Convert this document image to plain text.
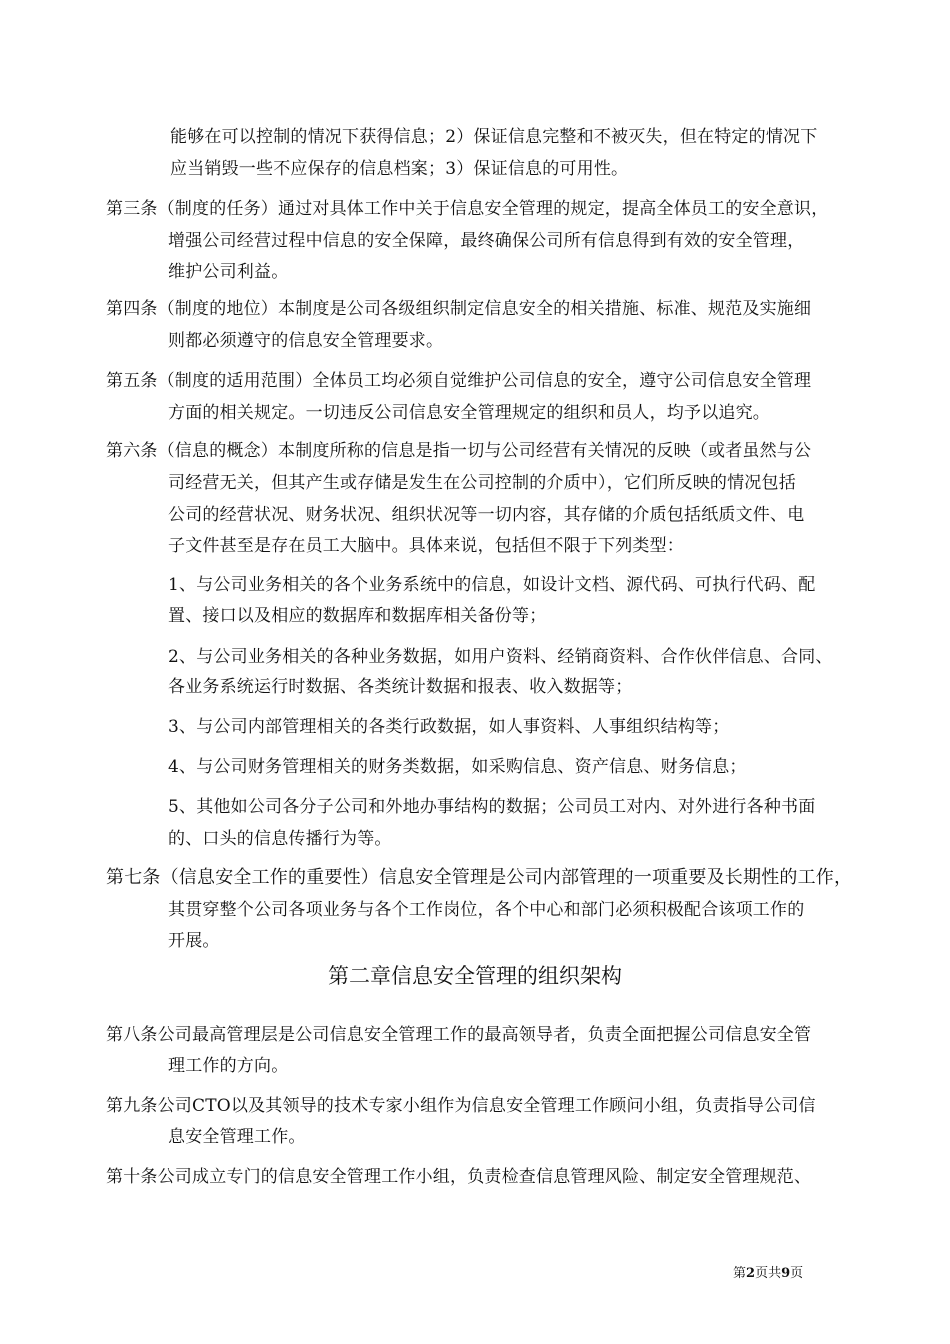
能够在可以控制的情况下获得信息；2）保证信息完整和不被灭失，但在特定的情况下
应当销毁一些不应保存的信息档案；3）保证信息的可用性。
第三条（制度的任务）通过对具体工作中关于信息安全管理的规定，提高全体员工的安全意识，
增强公司经营过程中信息的安全保障，最终确保公司所有信息得到有效的安全管理，
维护公司利益。
第四条（制度的地位）本制度是公司各级组织制定信息安全的相关措施、标准、规范及实施细
则都必须遵守的信息安全管理要求。
第五条（制度的适用范围）全体员工均必须自觉维护公司信息的安全，遵守公司信息安全管理
方面的相关规定。一切违反公司信息安全管理规定的组织和员人，均予以追究。
第六条（信息的概念）本制度所称的信息是指一切与公司经营有关情况的反映（或者虽然与公
司经营无关，但其产生或存储是发生在公司控制的介质中），它们所反映的情况包括
公司的经营状况、财务状况、组织状况等一切内容，其存储的介质包括纸质文件、电
子文件甚至是存在员工大脑中。具体来说，包括但不限于下列类型：
1、与公司业务相关的各个业务系统中的信息，如设计文档、源代码、可执行代码、配
置、接口以及相应的数据库和数据库相关备份等；
2、与公司业务相关的各种业务数据，如用户资料、经销商资料、合作伙伴信息、合同、
各业务系统运行时数据、各类统计数据和报表、收入数据等；
3、与公司内部管理相关的各类行政数据，如人事资料、人事组织结构等；
4、与公司财务管理相关的财务类数据，如采购信息、资产信息、财务信息；
5、其他如公司各分子公司和外地办事结构的数据；公司员工对内、对外进行各种书面
的、口头的信息传播行为等。
第七条（信息安全工作的重要性）信息安全管理是公司内部管理的一项重要及长期性的工作，
其贯穿整个公司各项业务与各个工作岗位，各个中心和部门必须积极配合该项工作的
开展。
第二章信息安全管理的组织架构
第八条公司最高管理层是公司信息安全管理工作的最高领导者，负责全面把握公司信息安全管
理工作的方向。
第九条公司CTO以及其领导的技术专家小组作为信息安全管理工作顾问小组，负责指导公司信
息安全管理工作。
第十条公司成立专门的信息安全管理工作小组，负责检查信息管理风险、制定安全管理规范、
第2页共9页
